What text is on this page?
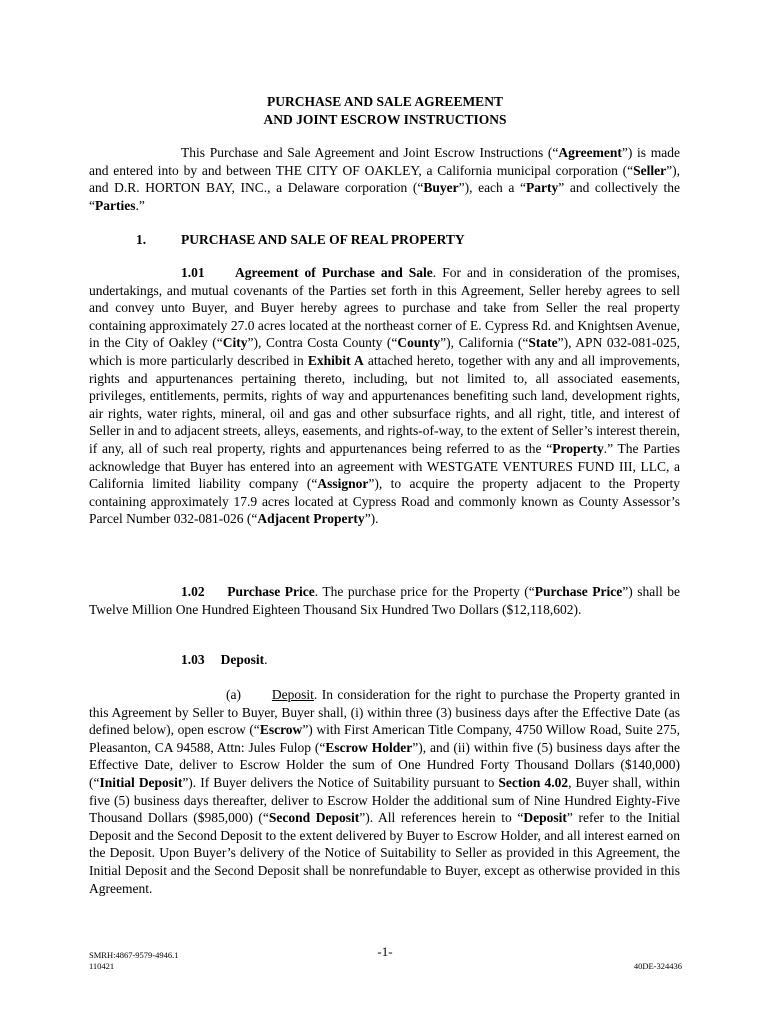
PURCHASE AND SALE AGREEMENT
AND JOINT ESCROW INSTRUCTIONS

This Purchase and Sale Agreement and Joint Escrow Instructions (“Agreement”) is made and entered into by and between THE CITY OF OAKLEY, a California municipal corporation (“Seller”), and D.R. HORTON BAY, INC., a Delaware corporation (“Buyer”), each a “Party” and collectively the “Parties.”

1.	PURCHASE AND SALE OF REAL PROPERTY

1.01 Agreement of Purchase and Sale. For and in consideration of the promises, undertakings, and mutual covenants of the Parties set forth in this Agreement, Seller hereby agrees to sell and convey unto Buyer, and Buyer hereby agrees to purchase and take from Seller the real property containing approximately 27.0 acres located at the northeast corner of E. Cypress Rd. and Knightsen Avenue, in the City of Oakley (“City”), Contra Costa County (“County”), California (“State”), APN 032-081-025, which is more particularly described in Exhibit A attached hereto, together with any and all improvements, rights and appurtenances pertaining thereto, including, but not limited to, all associated easements, privileges, entitlements, permits, rights of way and appurtenances benefiting such land, development rights, air rights, water rights, mineral, oil and gas and other subsurface rights, and all right, title, and interest of Seller in and to adjacent streets, alleys, easements, and rights-of-way, to the extent of Seller’s interest therein, if any, all of such real property, rights and appurtenances being referred to as the “Property.” The Parties acknowledge that Buyer has entered into an agreement with WESTGATE VENTURES FUND III, LLC, a California limited liability company (“Assignor”), to acquire the property adjacent to the Property containing approximately 17.9 acres located at Cypress Road and commonly known as County Assessor’s Parcel Number 032-081-026 (“Adjacent Property”).

1.02 Purchase Price. The purchase price for the Property (“Purchase Price”) shall be Twelve Million One Hundred Eighteen Thousand Six Hundred Two Dollars ($12,118,602).

1.03 Deposit.

(a) Deposit. In consideration for the right to purchase the Property granted in this Agreement by Seller to Buyer, Buyer shall, (i) within three (3) business days after the Effective Date (as defined below), open escrow (“Escrow”) with First American Title Company, 4750 Willow Road, Suite 275, Pleasanton, CA 94588, Attn: Jules Fulop (“Escrow Holder”), and (ii) within five (5) business days after the Effective Date, deliver to Escrow Holder the sum of One Hundred Forty Thousand Dollars ($140,000) (“Initial Deposit”). If Buyer delivers the Notice of Suitability pursuant to Section 4.02, Buyer shall, within five (5) business days thereafter, deliver to Escrow Holder the additional sum of Nine Hundred Eighty-Five Thousand Dollars ($985,000) (“Second Deposit”). All references herein to “Deposit” refer to the Initial Deposit and the Second Deposit to the extent delivered by Buyer to Escrow Holder, and all interest earned on the Deposit. Upon Buyer’s delivery of the Notice of Suitability to Seller as provided in this Agreement, the Initial Deposit and the Second Deposit shall be nonrefundable to Buyer, except as otherwise provided in this Agreement.

SMRH:4867-9579-4946.1
110421
-1-
40DE-324436
